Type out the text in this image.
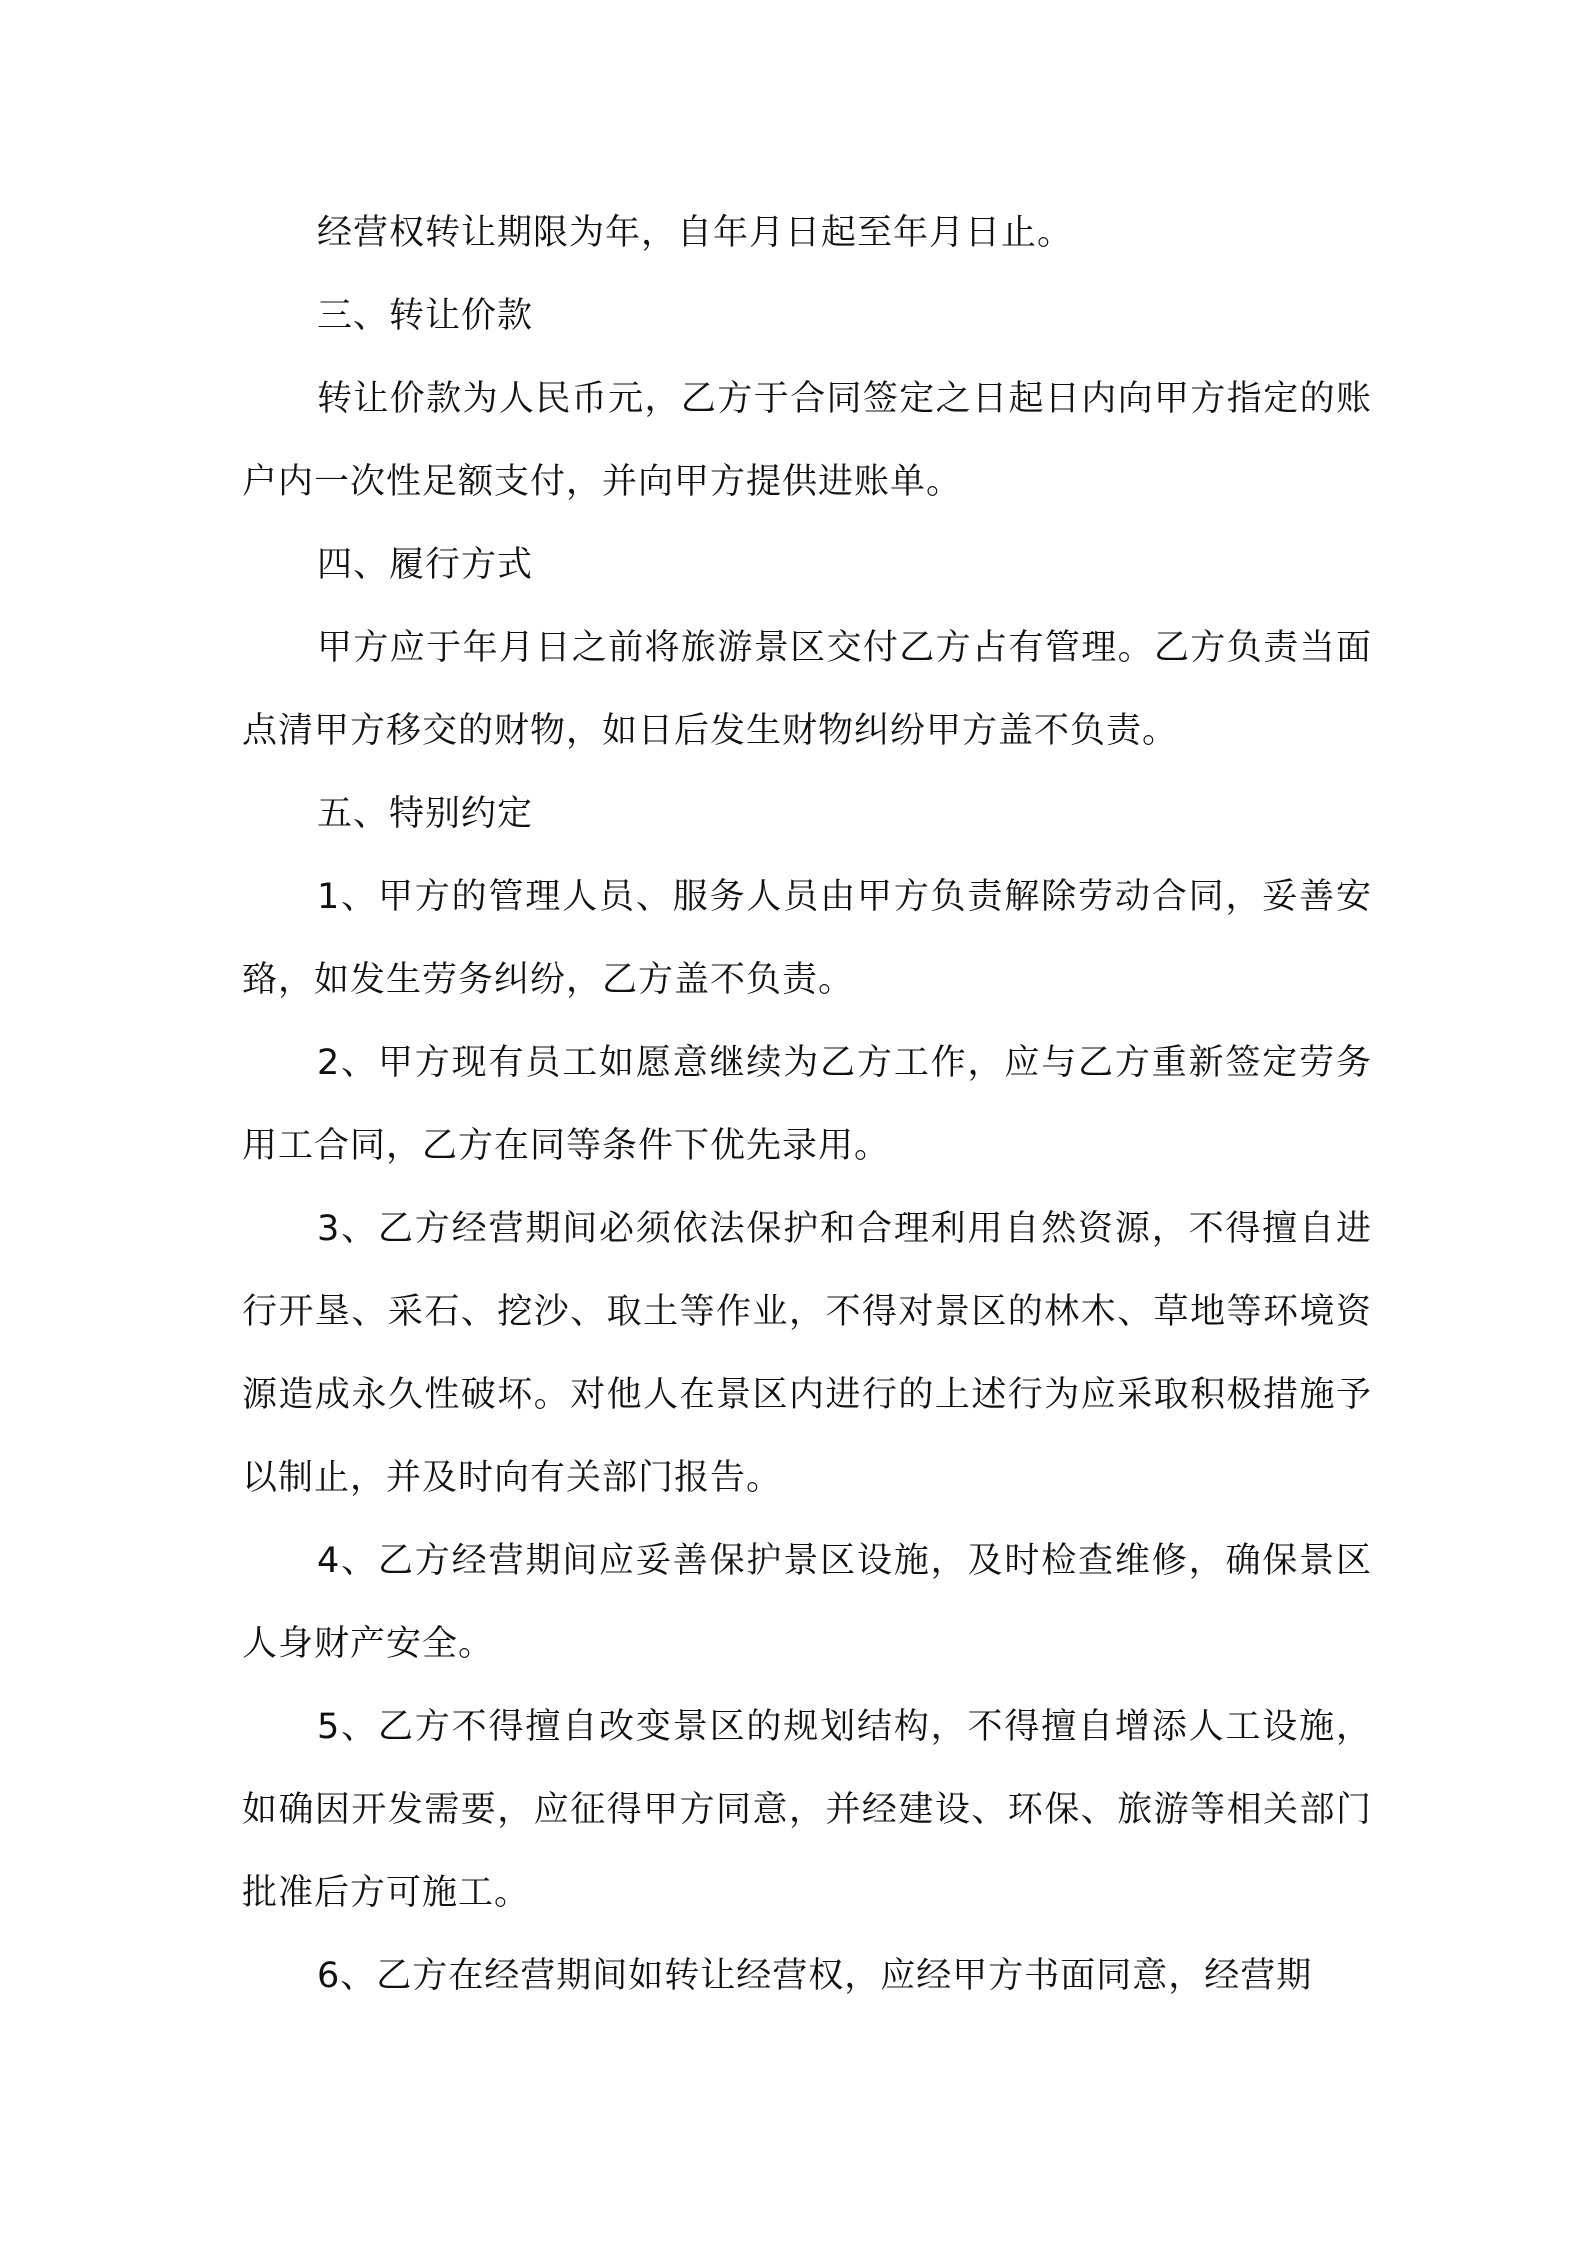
经营权转让期限为年，自年月日起至年月日止。

三、转让价款

转让价款为人民币元，乙方于合同签定之日起日内向甲方指定的账户内一次性足额支付，并向甲方提供进账单。

四、履行方式

甲方应于年月日之前将旅游景区交付乙方占有管理。乙方负责当面点清甲方移交的财物，如日后发生财物纠纷甲方盖不负责。

五、特别约定

1、甲方的管理人员、服务人员由甲方负责解除劳动合同，妥善安臵，如发生劳务纠纷，乙方盖不负责。

2、甲方现有员工如愿意继续为乙方工作，应与乙方重新签定劳务用工合同，乙方在同等条件下优先录用。

3、乙方经营期间必须依法保护和合理利用自然资源，不得擅自进行开垦、采石、挖沙、取土等作业，不得对景区的林木、草地等环境资源造成永久性破坏。对他人在景区内进行的上述行为应采取积极措施予以制止，并及时向有关部门报告。

4、乙方经营期间应妥善保护景区设施，及时检查维修，确保景区人身财产安全。

5、乙方不得擅自改变景区的规划结构，不得擅自增添人工设施，如确因开发需要，应征得甲方同意，并经建设、环保、旅游等相关部门批准后方可施工。

6、乙方在经营期间如转让经营权，应经甲方书面同意，经营期
